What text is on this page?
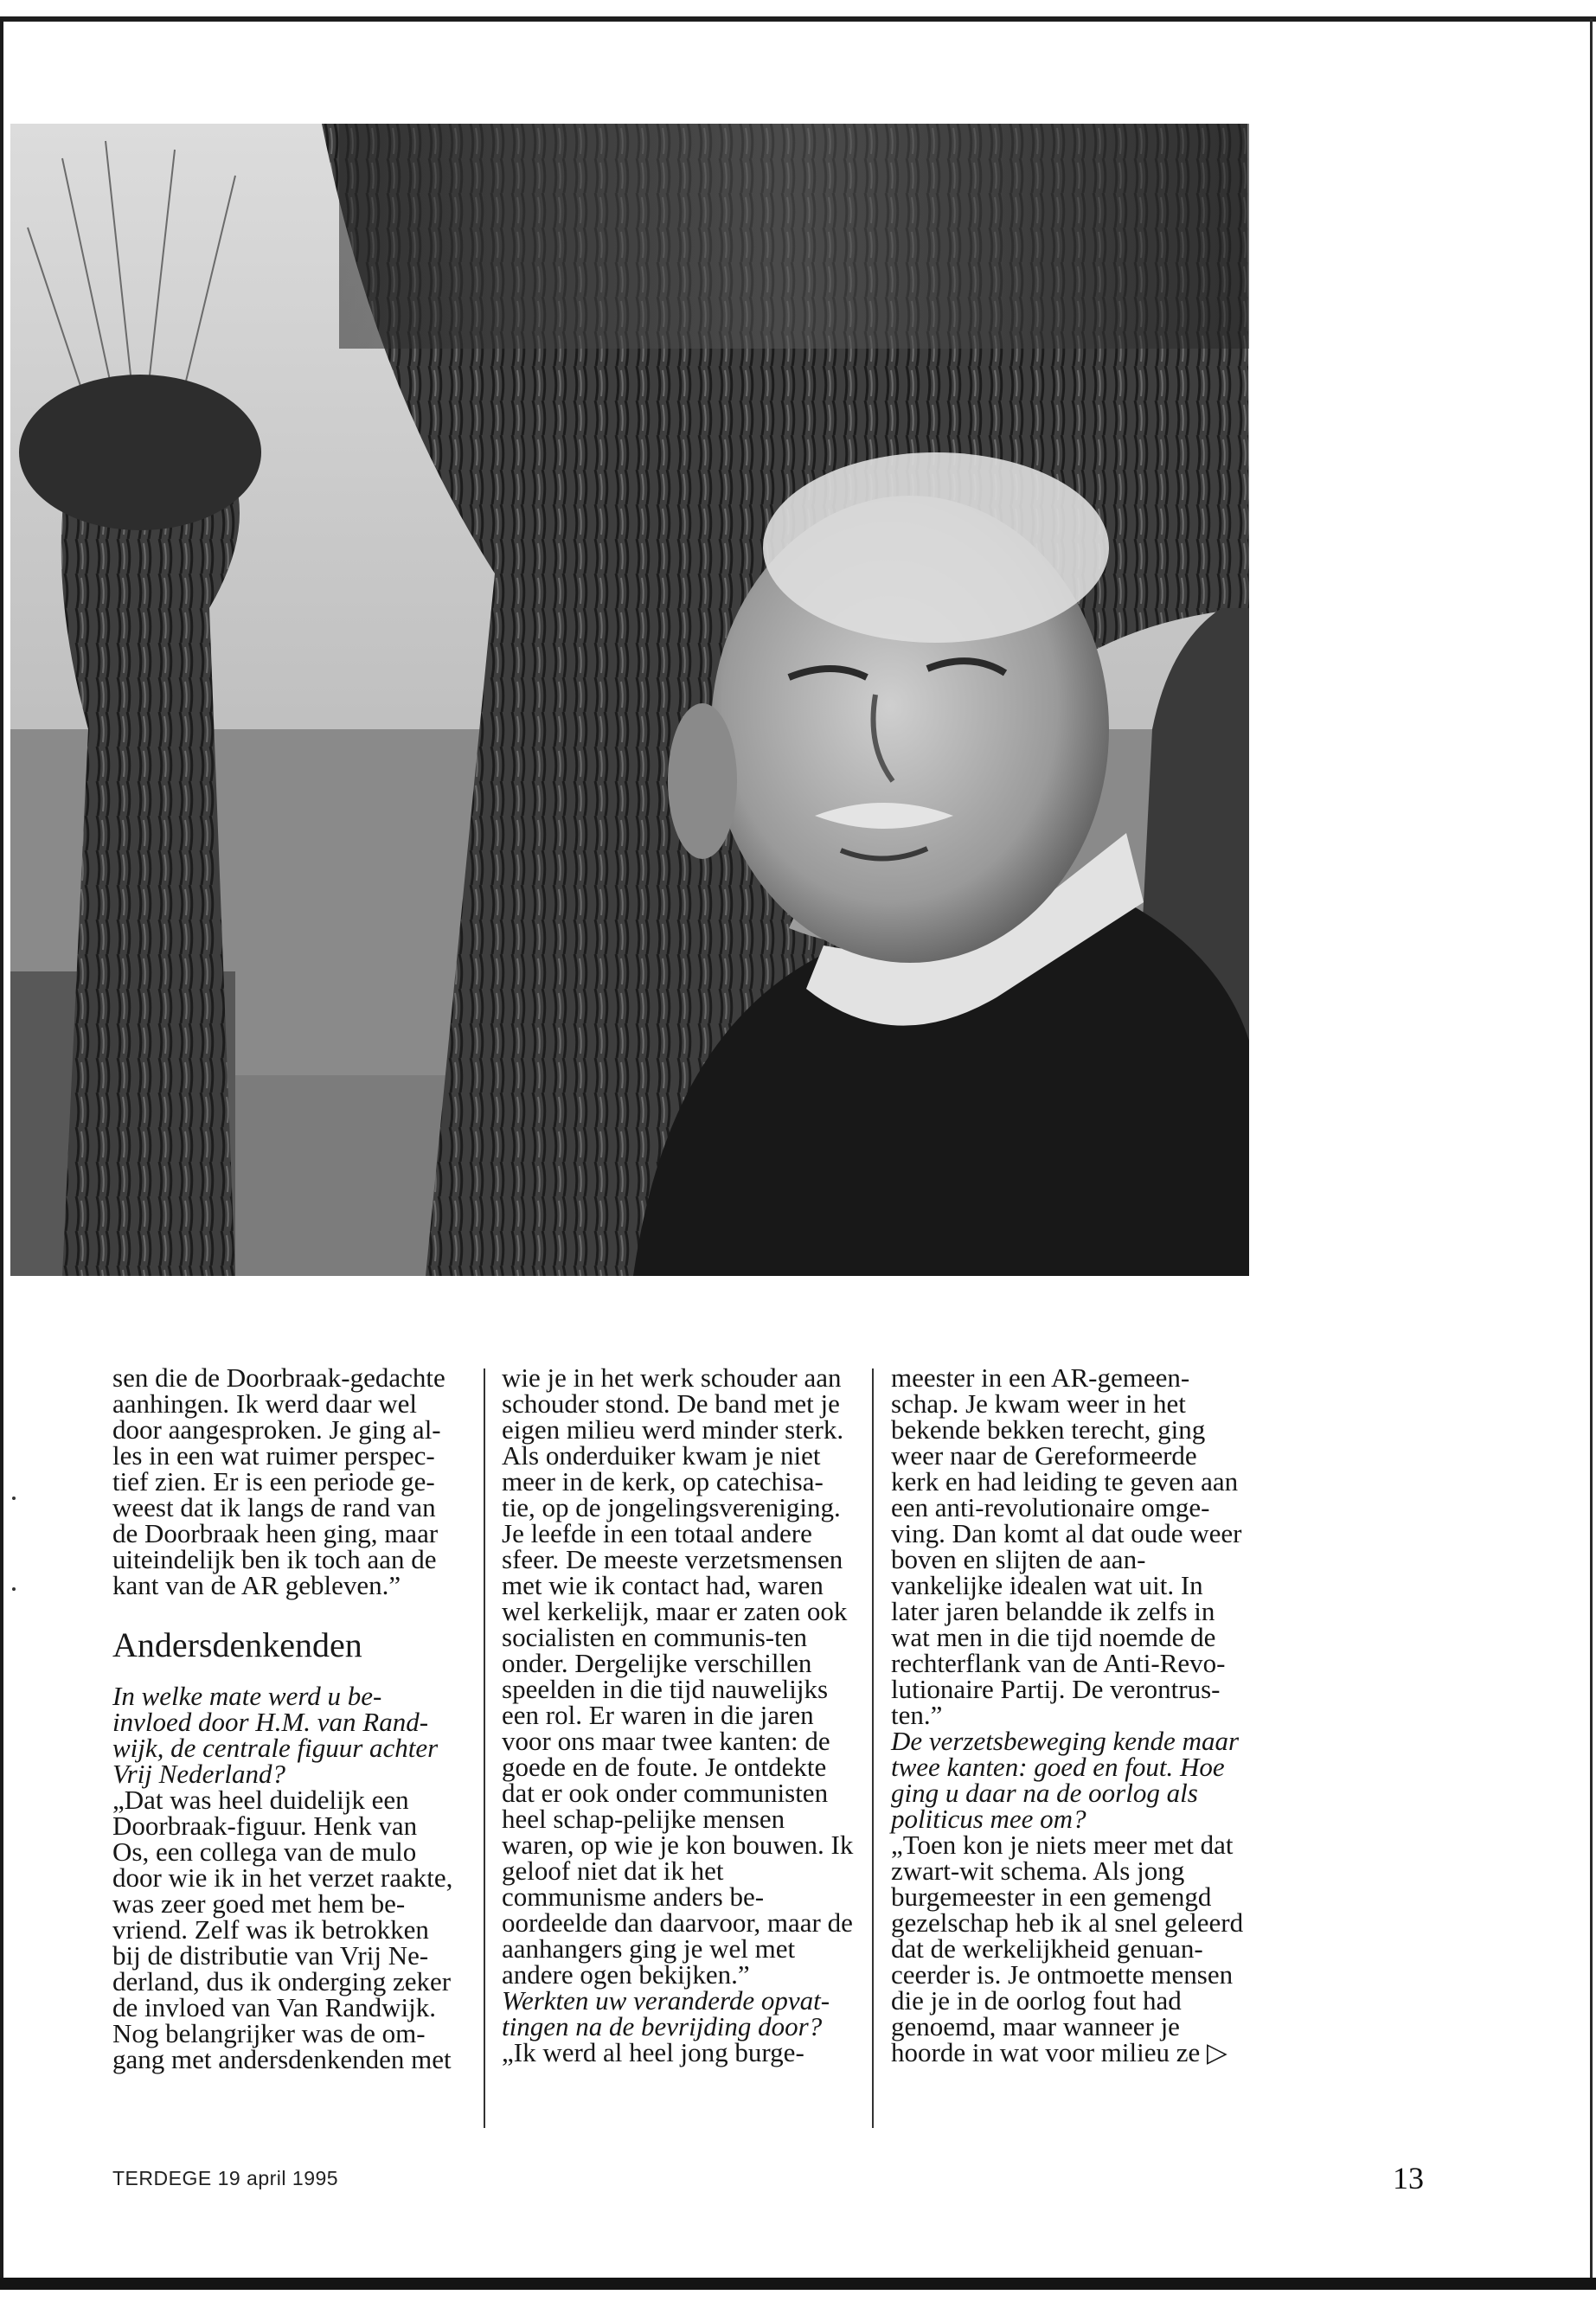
sen die de Doorbraak-gedachte aanhingen. Ik werd daar wel door aangesproken. Je ging al-les in een wat ruimer perspec-tief zien. Er is een periode ge-weest dat ik langs de rand van de Doorbraak heen ging, maar uiteindelijk ben ik toch aan de kant van de AR gebleven.”

Andersdenkenden

In welke mate werd u be-invloed door H.M. van Rand-wijk, de centrale figuur achter Vrij Nederland?

„Dat was heel duidelijk een Doorbraak-figuur. Henk van Os, een collega van de mulo door wie ik in het verzet raakte, was zeer goed met hem be-vriend. Zelf was ik betrokken bij de distributie van Vrij Ne-derland, dus ik onderging zeker de invloed van Van Randwijk. Nog belangrijker was de om-gang met andersdenkenden met

wie je in het werk schouder aan schouder stond. De band met je eigen milieu werd minder sterk. Als onderduiker kwam je niet meer in de kerk, op catechisa-tie, op de jongelingsvereniging. Je leefde in een totaal andere sfeer. De meeste verzetsmensen met wie ik contact had, waren wel kerkelijk, maar er zaten ook socialisten en communis-ten onder. Dergelijke verschillen speelden in die tijd nauwelijks een rol. Er waren in die jaren voor ons maar twee kanten: de goede en de foute. Je ontdekte dat er ook onder communisten heel schap-pelijke mensen waren, op wie je kon bouwen. Ik geloof niet dat ik het communisme anders be-oordeelde dan daarvoor, maar de aanhangers ging je wel met andere ogen bekijken.”

Werkten uw veranderde opvat-tingen na de bevrijding door?

„Ik werd al heel jong burge-

meester in een AR-gemeen-schap. Je kwam weer in het bekende bekken terecht, ging weer naar de Gereformeerde kerk en had leiding te geven aan een anti-revolutionaire omge-ving. Dan komt al dat oude weer boven en slijten de aan-vankelijke idealen wat uit. In later jaren belandde ik zelfs in wat men in die tijd noemde de rechterflank van de Anti-Revo-lutionaire Partij. De verontrus-ten.”

De verzetsbeweging kende maar twee kanten: goed en fout. Hoe ging u daar na de oorlog als politicus mee om?

„Toen kon je niets meer met dat zwart-wit schema. Als jong burgemeester in een gemengd gezelschap heb ik al snel geleerd dat de werkelijkheid genuan-ceerder is. Je ontmoette mensen die je in de oorlog fout had genoemd, maar wanneer je hoorde in wat voor milieu ze ▷

TERDEGE 19 april 1995	13
